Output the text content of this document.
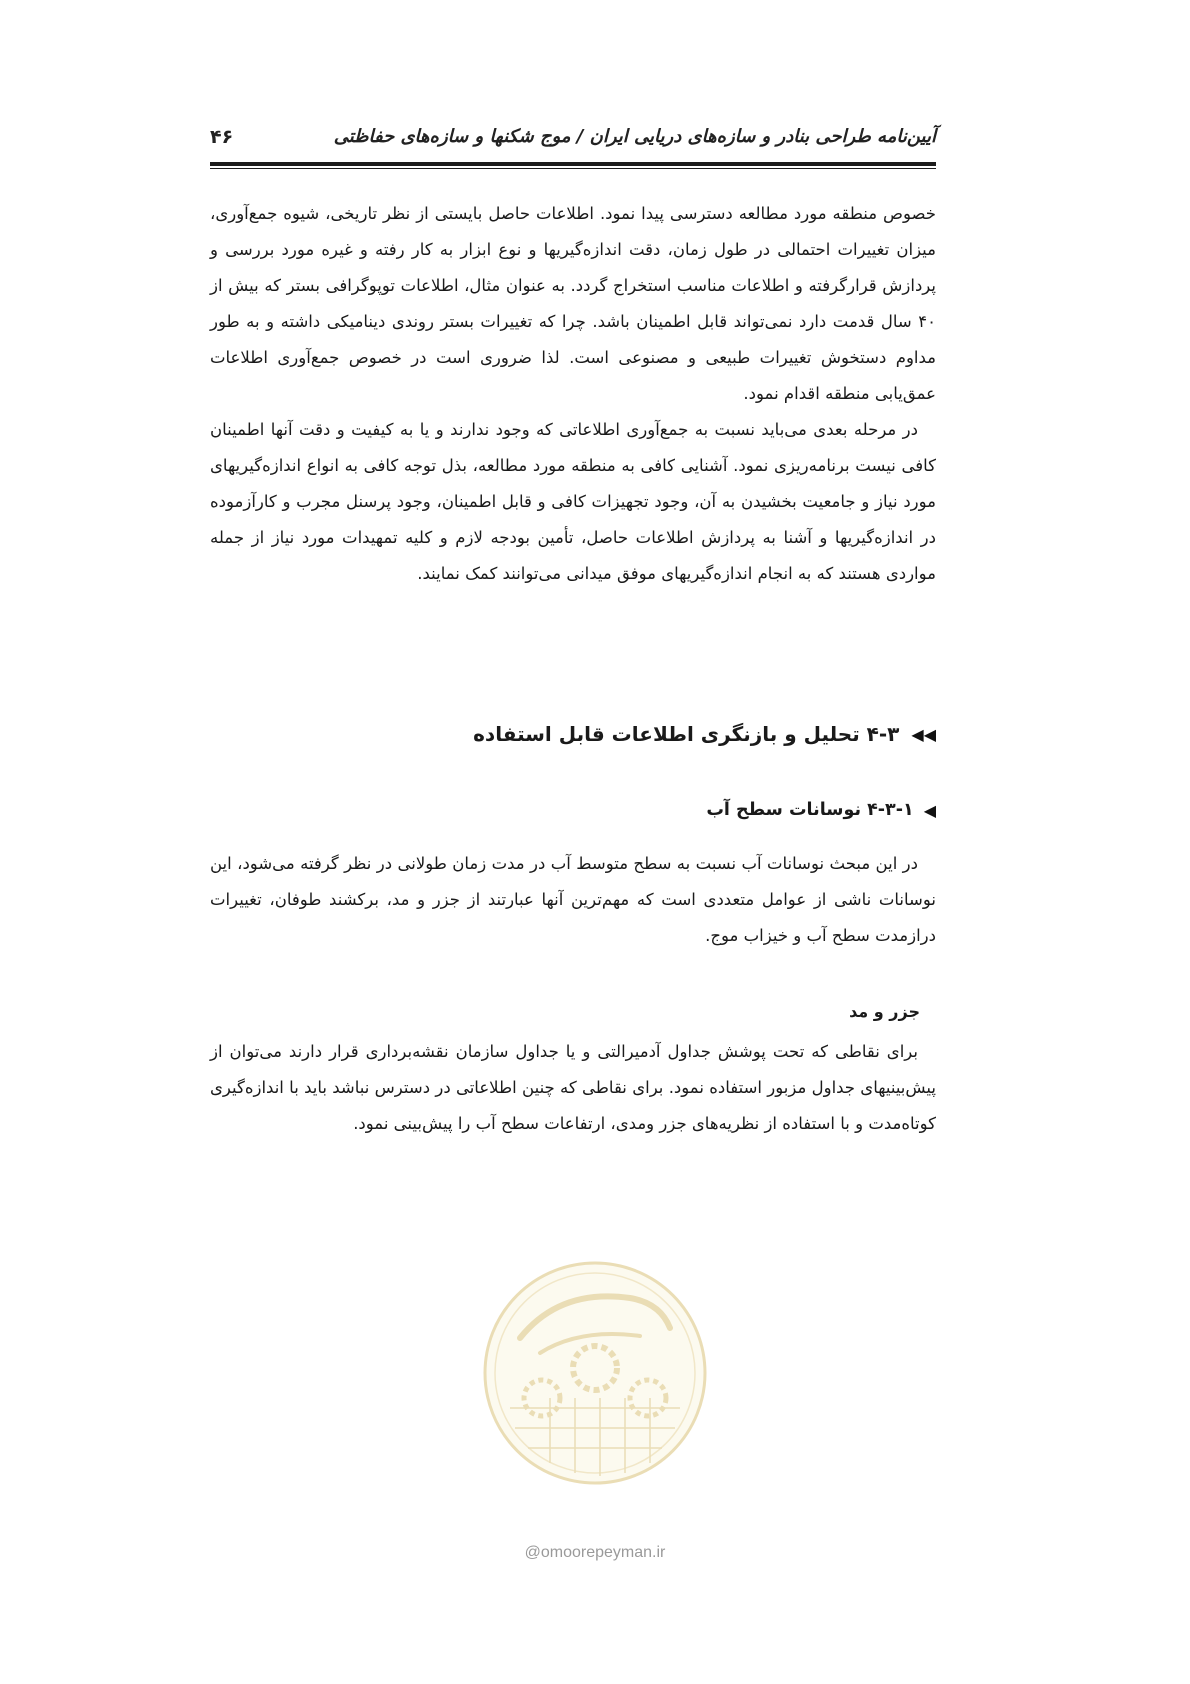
۴۶	آیین‌نامه طراحی بنادر و سازه‌های دریایی ایران / موج شکنها و سازه‌های حفاظتی

خصوص منطقه مورد مطالعه دسترسی پیدا نمود. اطلاعات حاصل بایستی از نظر تاریخی، شیوه جمع‌آوری، میزان تغییرات احتمالی در طول زمان، دقت اندازه‌گیریها و نوع ابزار به کار رفته و غیره مورد بررسی و پردازش قرارگرفته و اطلاعات مناسب استخراج گردد. به عنوان مثال، اطلاعات توپوگرافی بستر که بیش از ۴۰ سال قدمت دارد نمی‌تواند قابل اطمینان باشد. چرا که تغییرات بستر روندی دینامیکی داشته و به طور مداوم دستخوش تغییرات طبیعی و مصنوعی است. لذا ضروری است در خصوص جمع‌آوری اطلاعات عمق‌یابی منطقه اقدام نمود.

در مرحله بعدی می‌باید نسبت به جمع‌آوری اطلاعاتی که وجود ندارند و یا به کیفیت و دقت آنها اطمینان کافی نیست برنامه‌ریزی نمود. آشنایی کافی به منطقه مورد مطالعه، بذل توجه کافی به انواع اندازه‌گیریهای مورد نیاز و جامعیت بخشیدن به آن، وجود تجهیزات کافی و قابل اطمینان، وجود پرسنل مجرب و کارآزموده در اندازه‌گیریها و آشنا به پردازش اطلاعات حاصل، تأمین بودجه لازم و کلیه تمهیدات مورد نیاز از جمله مواردی هستند که به انجام اندازه‌گیریهای موفق میدانی می‌توانند کمک نمایند.

◀◀
۴-۳ تحلیل و بازنگری اطلاعات قابل استفاده
◀
۴-۳-۱ نوسانات سطح آب

در این مبحث نوسانات آب نسبت به سطح متوسط آب در مدت زمان طولانی در نظر گرفته می‌شود، این نوسانات ناشی از عوامل متعددی است که مهم‌ترین آنها عبارتند از جزر و مد، برکشند طوفان، تغییرات درازمدت سطح آب و خیزاب موج.

جزر و مد

برای نقاطی که تحت پوشش جداول آدمیرالتی و یا جداول سازمان نقشه‌برداری قرار دارند می‌توان از پیش‌بینیهای جداول مزبور استفاده نمود. برای نقاطی که چنین اطلاعاتی در دسترس نباشد باید با اندازه‌گیری کوتاه‌مدت و با استفاده از نظریه‌های جزر ومدی، ارتفاعات سطح آب را پیش‌بینی نمود.

@omoorepeyman.ir
